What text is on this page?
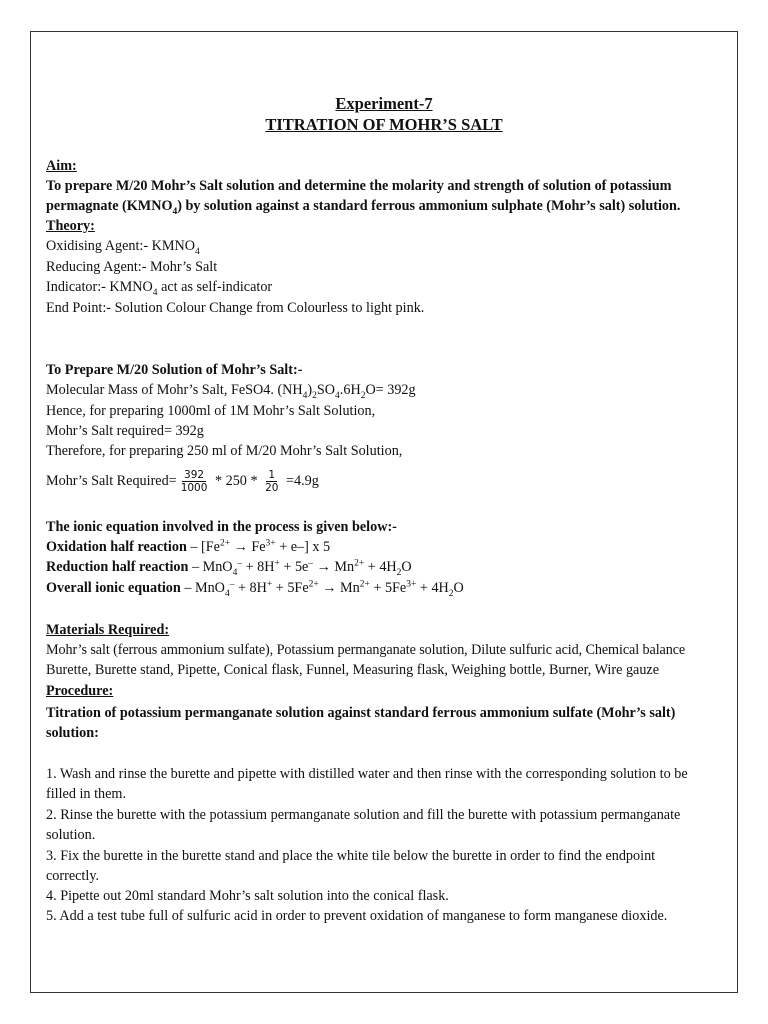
Experiment-7
TITRATION OF MOHR’S SALT
Aim:
To prepare M/20 Mohr’s Salt solution and determine the molarity and strength of solution of potassium
permagnate $(KMNO_4)$ by solution against a standard ferrous ammonium sulphate (Mohr’s salt) solution.
Theory:
Oxidising Agent:- $KMNO_4$
Reducing Agent:- Mohr’s Salt
Indicator:- $KMNO_4$ act as self-indicator
End Point:- Solution Colour Change from Colourless to light pink.
To Prepare M/20 Solution of Mohr’s Salt:-
Molecular Mass of Mohr’s Salt, FeSO4. $(NH_4)_2SO_4.6H_2O= 392g$
Hence, for preparing 1000ml of 1M Mohr’s Salt Solution,
Mohr’s Salt required= 392g
Therefore, for preparing 250 ml of M/20 Mohr’s Salt Solution,
Mohr’s Salt Required= $\frac{392}{1000} * 250 * \frac{1}{20} =4.9g$
The ionic equation involved in the process is given below:-
Oxidation half reaction – $[Fe^{2+} \to Fe^{3+} + e-]$ x 5
Reduction half reaction – $MnO_4^- + 8H^+ + 5e^- \to Mn^{2+} + 4H_2O$
Overall ionic equation – $MnO_4^- + 8H^+ + 5Fe^{2+} \to Mn^{2+} + 5Fe^{3+} + 4H_2O$
Materials Required:
Mohr’s salt (ferrous ammonium sulfate), Potassium permanganate solution, Dilute sulfuric acid, Chemical balance
Burette, Burette stand, Pipette, Conical flask, Funnel, Measuring flask, Weighing bottle, Burner, Wire gauze
Procedure:
Titration of potassium permanganate solution against standard ferrous ammonium sulfate (Mohr’s salt)
solution:
1. Wash and rinse the burette and pipette with distilled water and then rinse with the corresponding solution to be
filled in them.
2. Rinse the burette with the potassium permanganate solution and fill the burette with potassium permanganate
solution.
3. Fix the burette in the burette stand and place the white tile below the burette in order to find the endpoint
correctly.
4. Pipette out 20ml standard Mohr’s salt solution into the conical flask.
5. Add a test tube full of sulfuric acid in order to prevent oxidation of manganese to form manganese dioxide.
